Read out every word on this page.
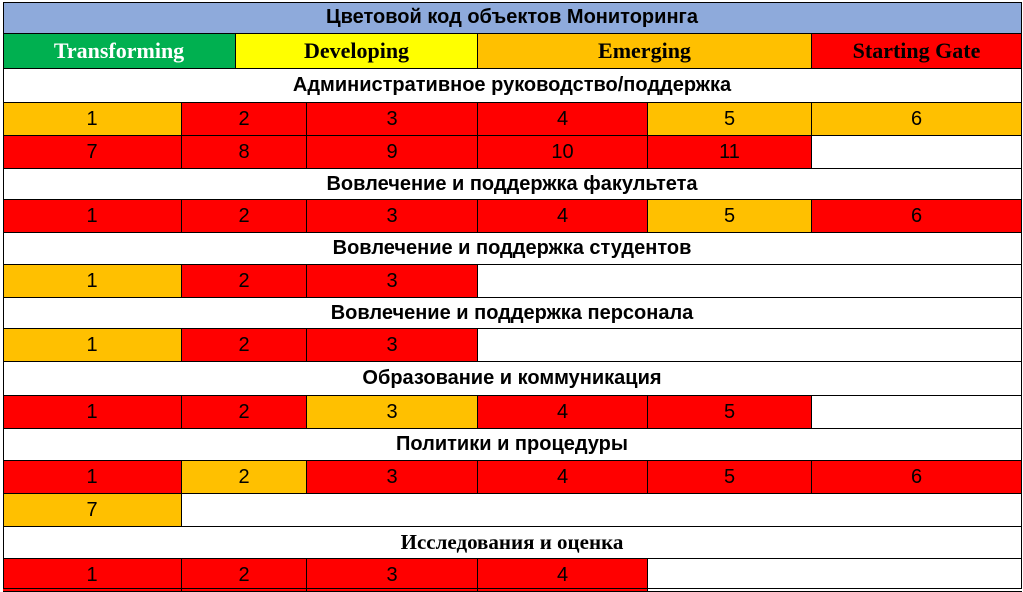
Цветовой код объектов Мониторинга
Transforming	Developing	Emerging	Starting Gate
Административное руководство/поддержка
1	2	3	4	5	6
7	8	9	10	11
Вовлечение и поддержка факультета
1	2	3	4	5	6
Вовлечение и поддержка студентов
1	2	3
Вовлечение и поддержка персонала
1	2	3
Образование и коммуникация
1	2	3	4	5
Политики и процедуры
1	2	3	4	5	6
7
Исследования и оценка
1	2	3	4
